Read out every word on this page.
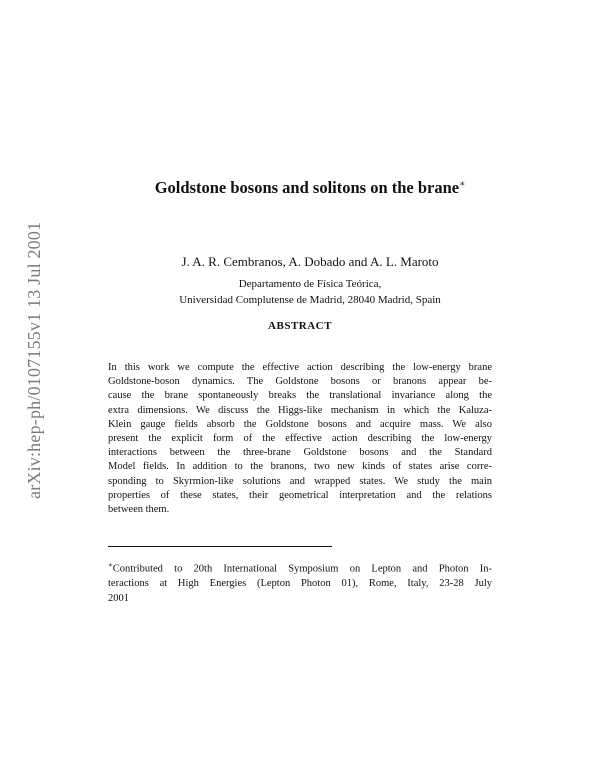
arXiv:hep-ph/0107155v1 13 Jul 2001
Goldstone bosons and solitons on the brane∗
J. A. R. Cembranos, A. Dobado and A. L. Maroto
Departamento de Física Teórica,
Universidad Complutense de Madrid, 28040 Madrid, Spain
ABSTRACT
In this work we compute the effective action describing the low-energy brane
Goldstone-boson dynamics. The Goldstone bosons or branons appear be-
cause the brane spontaneously breaks the translational invariance along the
extra dimensions. We discuss the Higgs-like mechanism in which the Kaluza-
Klein gauge fields absorb the Goldstone bosons and acquire mass. We also
present the explicit form of the effective action describing the low-energy
interactions between the three-brane Goldstone bosons and the Standard
Model fields. In addition to the branons, two new kinds of states arise corre-
sponding to Skyrmion-like solutions and wrapped states. We study the main
properties of these states, their geometrical interpretation and the relations
between them.
∗Contributed to 20th International Symposium on Lepton and Photon In-
teractions at High Energies (Lepton Photon 01), Rome, Italy, 23-28 July
2001
